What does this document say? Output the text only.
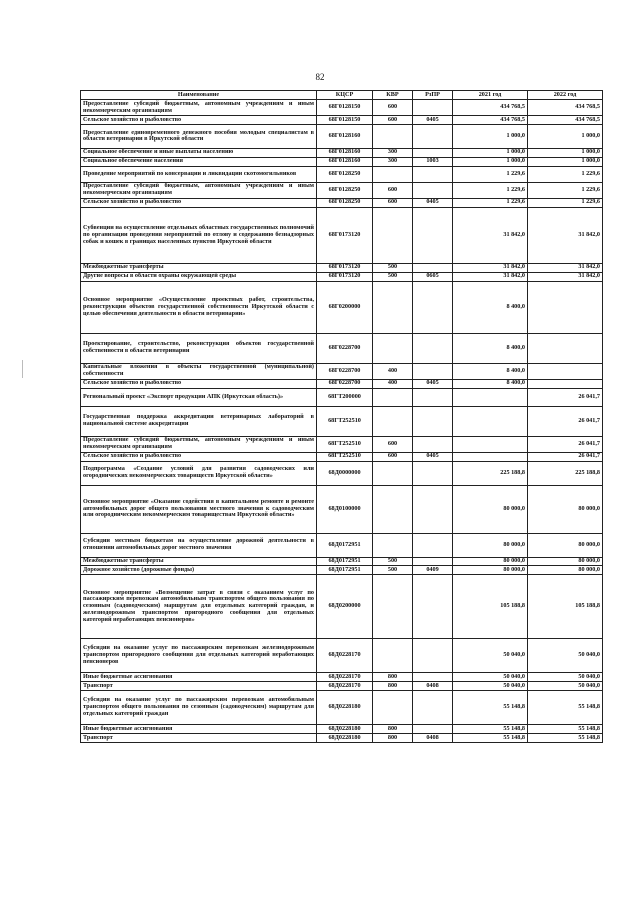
82
Наименование	КЦСР	КВР	РзПР	2021 год	2022 год
Предоставление субсидий бюджетным, автономным учреждениям и иным некоммерческим организациям	68Г0128150	600		434 768,5	434 768,5
Сельское хозяйство и рыболовство	68Г0128150	600	0405	434 768,5	434 768,5
Предоставление единовременного денежного пособия молодым специалистам в области ветеринарии в Иркутской области	68Г0128160			1 000,0	1 000,0
Социальное обеспечение и иные выплаты населению	68Г0128160	300		1 000,0	1 000,0
Социальное обеспечение населения	68Г0128160	300	1003	1 000,0	1 000,0
Проведение мероприятий по консервации и ликвидации скотомогильников	68Г0128250			1 229,6	1 229,6
Предоставление субсидий бюджетным, автономным учреждениям и иным некоммерческим организациям	68Г0128250	600		1 229,6	1 229,6
Сельское хозяйство и рыболовство	68Г0128250	600	0405	1 229,6	1 229,6
Субвенции на осуществление отдельных областных государственных полномочий по организации проведения мероприятий по отлову и содержанию безнадзорных собак и кошек в границах населенных пунктов Иркутской области	68Г0173120			31 842,0	31 842,0
Межбюджетные трансферты	68Г0173120	500		31 842,0	31 842,0
Другие вопросы в области охраны окружающей среды	68Г0173120	500	0605	31 842,0	31 842,0
Основное мероприятие «Осуществление проектных работ, строительства, реконструкции объектов государственной собственности Иркутской области с целью обеспечения деятельности в области ветеринарии»	68Г0200000			8 400,0	
Проектирование, строительство, реконструкция объектов государственной собственности в области ветеринарии	68Г0228700			8 400,0	
Капитальные вложения в объекты государственной (муниципальной) собственности	68Г0228700	400		8 400,0	
Сельское хозяйство и рыболовство	68Г0228700	400	0405	8 400,0	
Региональный проект «Экспорт продукции АПК (Иркутская область)»	68ГТ200000				26 041,7
Государственная поддержка аккредитации ветеринарных лабораторий в национальной системе аккредитации	68ГТ252510				26 041,7
Предоставление субсидий бюджетным, автономным учреждениям и иным некоммерческим организациям	68ГТ252510	600			26 041,7
Сельское хозяйство и рыболовство	68ГТ252510	600	0405		26 041,7
Подпрограмма «Создание условий для развития садоводческих или огороднических некоммерческих товариществ Иркутской области»	68Д0000000			225 188,8	225 188,8
Основное мероприятие «Оказание содействия в капитальном ремонте и ремонте автомобильных дорог общего пользования местного значения к садоводческим или огородническим некоммерческим товариществам Иркутской области»	68Д0100000			80 000,0	80 000,0
Субсидии местным бюджетам на осуществление дорожной деятельности в отношении автомобильных дорог местного значения	68Д0172951			80 000,0	80 000,0
Межбюджетные трансферты	68Д0172951	500		80 000,0	80 000,0
Дорожное хозяйство (дорожные фонды)	68Д0172951	500	0409	80 000,0	80 000,0
Основное мероприятие «Возмещение затрат в связи с оказанием услуг по пассажирским перевозкам автомобильным транспортом общего пользования по сезонным (садоводческим) маршрутам для отдельных категорий граждан, и железнодорожным транспортом пригородного сообщения для отдельных категорий неработающих пенсионеров»	68Д0200000			105 188,8	105 188,8
Субсидии на оказание услуг по пассажирским перевозкам железнодорожным транспортом пригородного сообщения для отдельных категорий неработающих пенсионеров	68Д0228170			50 040,0	50 040,0
Иные бюджетные ассигнования	68Д0228170	800		50 040,0	50 040,0
Транспорт	68Д0228170	800	0408	50 040,0	50 040,0
Субсидии на оказание услуг по пассажирским перевозкам автомобильным транспортом общего пользования по сезонным (садоводческим) маршрутам для отдельных категорий граждан	68Д0228180			55 148,8	55 148,8
Иные бюджетные ассигнования	68Д0228180	800		55 148,8	55 148,8
Транспорт	68Д0228180	800	0408	55 148,8	55 148,8
